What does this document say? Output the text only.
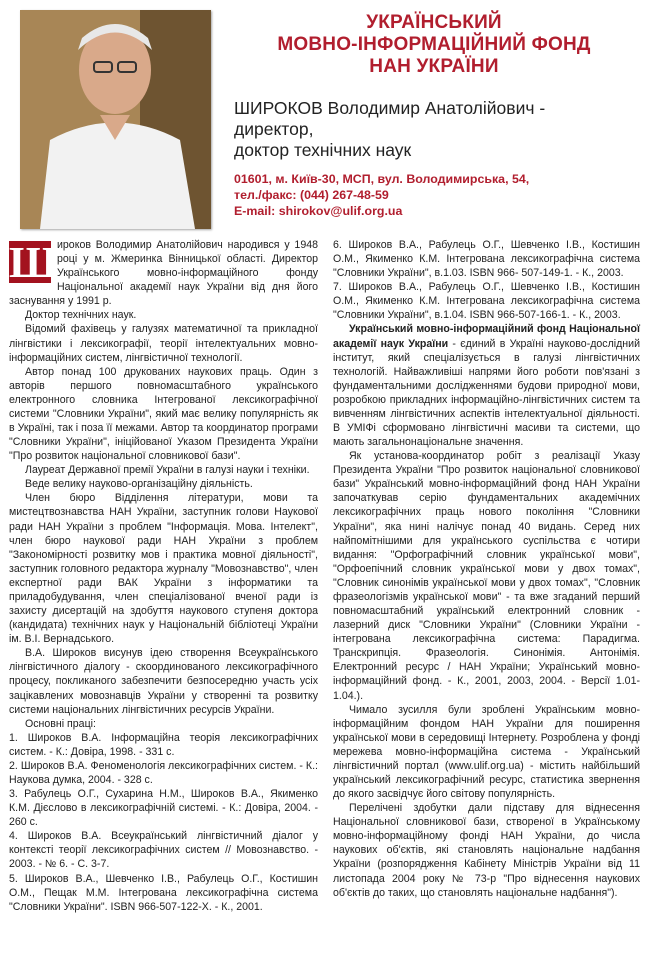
УКРАЇНСЬКИЙ
МОВНО-ІНФОРМАЦІЙНИЙ ФОНД
НАН УКРАЇНИ
ШИРОКОВ Володимир Анатолійович -
директор,
доктор технічних наук
01601, м. Київ-30, МСП, вул. Володимирська, 54,
тел./факс: (044) 267-48-59
E-mail: shirokov@ulif.org.ua
Ш ироков Володимир Анатолійович народився у 1948 році у м. Жмеринка Вінницької області. Директор Українського мовно-інформаційного фонду Національної академії наук України від дня його заснування у 1991 р.

Доктор технічних наук.

Відомий фахівець у галузях математичної та прикладної лінгвістики і лексикографії, теорії інтелектуальних мовно-інформаційних систем, лінгвістичної технології.

Автор понад 100 друкованих наукових праць. Один з авторів першого повномасштабного українського електронного словника Інтегрованої лексикографічної системи "Словники України", який має велику популярність як в Україні, так і поза її межами. Автор та координатор програми "Словники України", ініційованої Указом Президента України "Про розвиток національної словникової бази".

Лауреат Державної премії України в галузі науки і техніки.

Веде велику науково-організаційну діяльність.

Член бюро Відділення літератури, мови та мистецтвознавства НАН України, заступник голови Наукової ради НАН України з проблем "Інформація. Мова. Інтелект", член бюро наукової ради НАН України з проблем "Закономірності розвитку мов і практика мовної діяльності", заступник головного редактора журналу "Мовознавство", член експертної ради ВАК України з інформатики та приладобудування, член спеціалізованої вченої ради із захисту дисертацій на здобуття наукового ступеня доктора (кандидата) технічних наук у Національній бібліотеці України ім. В.І. Вернадського.

В.А. Широков висунув ідею створення Всеукраїнського лінгвістичного діалогу - скоординованого лексикографічного процесу, покликаного забезпечити безпосередню участь усіх зацікавлених мовознавців України у створенні та розвитку системи національних лінгвістичних ресурсів України.

Основні праці:

1. Широков В.А. Інформаційна теорія лексикографічних систем. - К.: Довіра, 1998. - 331 с.

2. Широков В.А. Феноменологія лексикографічних систем. - К.: Наукова думка, 2004. - 328 с.

3. Рабулець О.Г., Сухарина Н.М., Широков В.А., Якименко К.М. Дієслово в лексикографічній системі. - К.: Довіра, 2004. - 260 с.

4. Широков В.А. Всеукраїнський лінгвістичний діалог у контексті теорії лексикографічних систем // Мовознавство. - 2003. - № 6. - С. 3-7.

5. Широков В.А., Шевченко І.В., Рабулець О.Г., Костишин О.М., Пещак М.М. Інтегрована лексикографічна система "Словники України". ISBN 966-507-122-Х. - К., 2001.

6. Широков В.А., Рабулець О.Г., Шевченко І.В., Костишин О.М., Якименко К.М. Інтегрована лексикографічна система "Словники України", в.1.03. ISBN 966- 507-149-1. - К., 2003.

7. Широков В.А., Рабулець О.Г., Шевченко І.В., Костишин О.М., Якименко К.М. Інтегрована лексикографічна система "Словники України", в.1.04. ISBN 966-507-166-1. - К., 2003.

Український мовно-інформаційний фонд Національної академії наук України - єдиний в Україні науково-дослідний інститут, який спеціалізується в галузі лінгвістичних технологій. Найважливіші напрями його роботи пов'язані з фундаментальними дослідженнями будови природної мови, розробкою прикладних інформаційно-лінгвістичних систем та вивченням лінгвістичних аспектів інтелектуальної діяльності. В УМІФі сформовано лінгвістичні масиви та системи, що мають загальнонаціональне значення.

Як установа-координатор робіт з реалізації Указу Президента України "Про розвиток національної словникової бази" Український мовно-інформаційний фонд НАН України започаткував серію фундаментальних академічних лексикографічних праць нового покоління "Словники України", яка нині налічує понад 40 видань. Серед них найпомітнішими для українського суспільства є чотири видання: "Орфографічний словник української мови", "Орфоепічний словник української мови у двох томах", "Словник синонімів української мови у двох томах", "Словник фразеологізмів української мови" - та вже згаданий перший повномасштабний український електронний словник - лазерний диск "Словники України" (Словники України - інтегрована лексикографічна система: Парадигма. Транскрипція. Фразеологія. Синонімія. Антонімія. Електронний ресурс / НАН України; Український мовно-інформаційний фонд. - К., 2001, 2003, 2004. - Версії 1.01- 1.04.).

Чимало зусилля були зроблені Українським мовно-інформаційним фондом НАН України для поширення української мови в середовищі Інтернету. Розроблена у фонді мережева мовно-інформаційна система - Український лінгвістичний портал (www.ulif.org.ua) - містить найбільший український лексикографічний ресурс, статистика звернення до якого засвідчує його світову популярність.

Перелічені здобутки дали підставу для віднесення Національної словникової бази, створеної в Українському мовно-інформаційному фонді НАН України, до числа наукових об'єктів, які становлять національне надбання України (розпорядження Кабінету Міністрів України від 11 листопада 2004 року № 73-р "Про віднесення наукових об'єктів до таких, що становлять національне надбання").
